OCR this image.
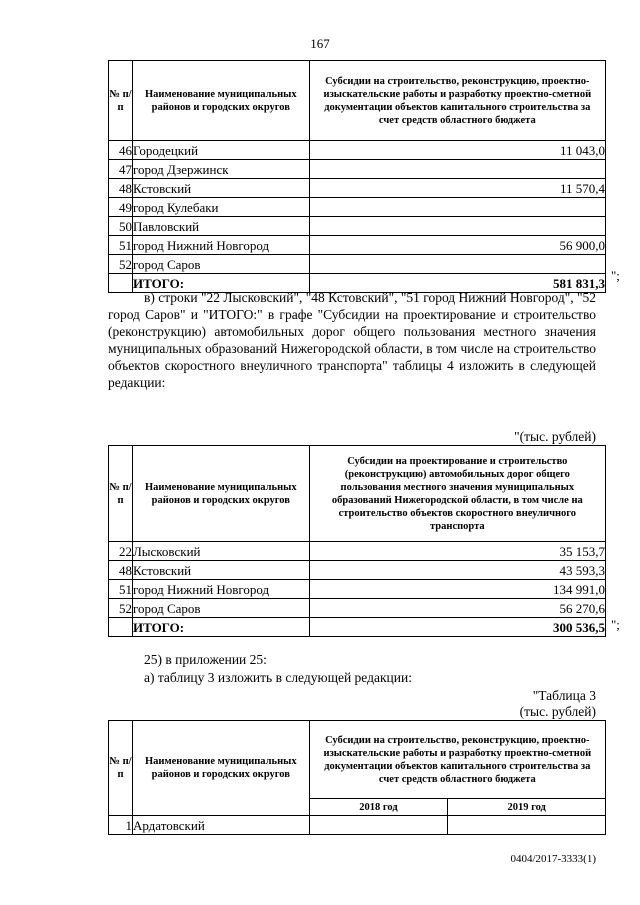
167
№ п/п	Наименование муниципальных районов и городских округов	Субсидии на строительство, реконструкцию, проектно-изыскательские работы и разработку проектно-сметной документации объектов капитального строительства за счет средств областного бюджета
46	Городецкий	11 043,0
47	город Дзержинск	
48	Кстовский	11 570,4
49	город Кулебаки	
50	Павловский	
51	город Нижний Новгород	56 900,0
52	город Саров	
	ИТОГО:	581 831,3 ";
в) строки "22 Лысковский", "48 Кстовский", "51 город Нижний Новгород", "52 город Саров" и "ИТОГО:" в графе "Субсидии на проектирование и строительство (реконструкцию) автомобильных дорог общего пользования местного значения муниципальных образований Нижегородской области, в том числе на строительство объектов скоростного внеуличного транспорта" таблицы 4 изложить в следующей редакции:
"(тыс. рублей)
№ п/п	Наименование муниципальных районов и городских округов	Субсидии на проектирование и строительство (реконструкцию) автомобильных дорог общего пользования местного значения муниципальных образований Нижегородской области, в том числе на строительство объектов скоростного внеуличного транспорта
22	Лысковский	35 153,7
48	Кстовский	43 593,3
51	город Нижний Новгород	134 991,0
52	город Саров	56 270,6
	ИТОГО:	300 536,5 ";
25) в приложении 25:
а) таблицу 3 изложить в следующей редакции:
"Таблица 3
(тыс. рублей)
№ п/п	Наименование муниципальных районов и городских округов	Субсидии на строительство, реконструкцию, проектно-изыскательские работы и разработку проектно-сметной документации объектов капитального строительства за счет средств областного бюджета	
		2018 год	2019 год
1	Ардатовский		
0404/2017-3333(1)
